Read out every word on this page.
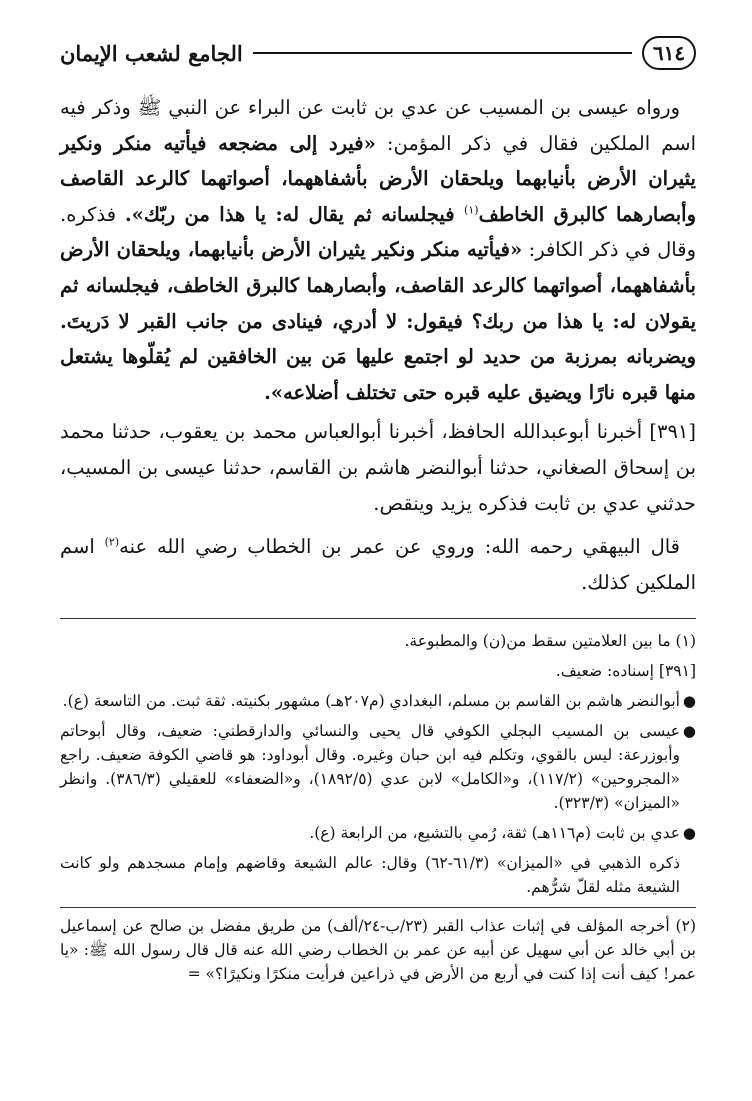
٦١٤
الجامع لشعب الإيمان

ورواه عيسى بن المسيب عن عدي بن ثابت عن البراء عن النبي ﷺ وذكر فيه اسم الملكين فقال في ذكر المؤمن: «فيرد إلى مضجعه فيأتيه منكر ونكير يثيران الأرض بأنيابهما ويلحقان الأرض بأشفاههما، أصواتهما كالرعد القاصف وأبصارهما كالبرق الخاطف$^{(١)}$ فيجلسانه ثم يقال له: يا هذا من ربّك». فذكره. وقال في ذكر الكافر: «فيأتيه منكر ونكير يثيران الأرض بأنيابهما، ويلحقان الأرض بأشفاههما، أصواتهما كالرعد القاصف، وأبصارهما كالبرق الخاطف، فيجلسانه ثم يقولان له: يا هذا من ربك؟ فيقول: لا أدري، فينادى من جانب القبر لا دَريتَ. ويضربانه بمرزبة من حديد لو اجتمع عليها مَن بين الخافقين لم يُقلّوها يشتعل منها قبره نارًا ويضيق عليه قبره حتى تختلف أضلاعه».

[٣٩١] أخبرنا أبوعبدالله الحافظ، أخبرنا أبوالعباس محمد بن يعقوب، حدثنا محمد بن إسحاق الصغاني، حدثنا أبوالنضر هاشم بن القاسم، حدثنا عيسى بن المسيب، حدثني عدي بن ثابت فذكره يزيد وينقص.

قال البيهقي رحمه الله: وروي عن عمر بن الخطاب رضي الله عنه$^{(٢)}$ اسم الملكين كذلك.

(١) ما بين العلامتين سقط من(ن) والمطبوعة.

[٣٩١] إسناده: ضعيف.

●
أبوالنضر هاشم بن القاسم بن مسلم، البغدادي (م٢٠٧هـ) مشهور بكنيته. ثقة ثبت. من التاسعة (ع).
●
عيسى بن المسيب البجلي الكوفي قال يحيى والنسائي والدارقطني: ضعيف، وقال أبوحاتم وأبوزرعة: ليس بالقوي، وتكلم فيه ابن حبان وغيره. وقال أبوداود: هو قاضي الكوفة ضعيف. راجع «المجروحين» (١١٧/٢)، و«الكامل» لابن عدي (١٨٩٢/٥)، و«الضعفاء» للعقيلي (٣٨٦/٣). وانظر «الميزان» (٣٢٣/٣).
●
عدي بن ثابت (م١١٦هـ) ثقة، رُمي بالتشيع، من الرابعة (ع).

ذكره الذهبي في «الميزان» (٦١/٣-٦٢) وقال: عالم الشيعة وقاضهم وإمام مسجدهم ولو كانت الشيعة مثله لقلّ شرُّهم.

(٢) أخرجه المؤلف في إثبات عذاب القبر (٢٣/ب-٢٤/ألف) من طريق مفضل بن صالح عن إسماعيل بن أبي خالد عن أبي سهيل عن أبيه عن عمر بن الخطاب رضي الله عنه قال قال رسول الله ﷺ: «يا عمر! كيف أنت إذا كنت في أربع من الأرض في ذراعين فرأيت منكرًا ونكيرًا؟» =
